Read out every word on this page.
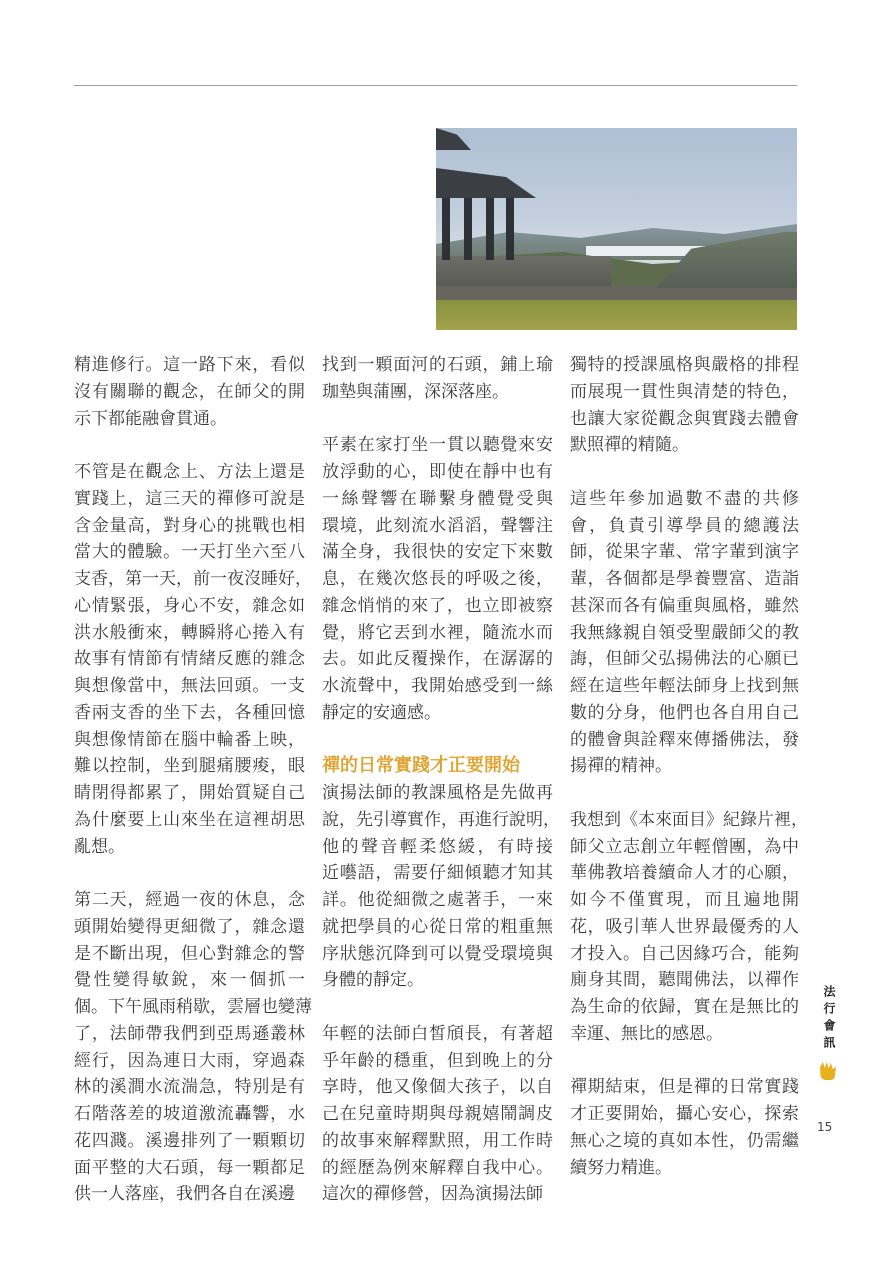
精進修行。這一路下來，看似
沒有關聯的觀念，在師父的開
示下都能融會貫通。
不管是在觀念上、方法上還是
實踐上，這三天的禪修可說是
含金量高，對身心的挑戰也相
當大的體驗。一天打坐六至八
支香，第一天，前一夜沒睡好，
心情緊張，身心不安，雜念如
洪水般衝來，轉瞬將心捲入有
故事有情節有情緒反應的雜念
與想像當中，無法回頭。一支
香兩支香的坐下去，各種回憶
與想像情節在腦中輪番上映，
難以控制，坐到腿痛腰痠，眼
睛閉得都累了，開始質疑自己
為什麼要上山來坐在這裡胡思
亂想。
第二天，經過一夜的休息，念
頭開始變得更細微了，雜念還
是不斷出現，但心對雜念的警
覺性變得敏銳，來一個抓一
個。下午風雨稍歇，雲層也變薄
了，法師帶我們到亞馬遜叢林
經行，因為連日大雨，穿過森
林的溪澗水流湍急，特別是有
石階落差的坡道激流轟響，水
花四濺。溪邊排列了一顆顆切
面平整的大石頭，每一顆都足
供一人落座，我們各自在溪邊
找到一顆面河的石頭，鋪上瑜
珈墊與蒲團，深深落座。
平素在家打坐一貫以聽覺來安
放浮動的心，即使在靜中也有
一絲聲響在聯繫身體覺受與
環境，此刻流水滔滔，聲響注
滿全身，我很快的安定下來數
息，在幾次悠長的呼吸之後，
雜念悄悄的來了，也立即被察
覺，將它丟到水裡，隨流水而
去。如此反覆操作，在潺潺的
水流聲中，我開始感受到一絲
靜定的安適感。
禪的日常實踐才正要開始
演揚法師的教課風格是先做再
說，先引導實作，再進行說明，
他的聲音輕柔悠緩，有時接
近囈語，需要仔細傾聽才知其
詳。他從細微之處著手，一來
就把學員的心從日常的粗重無
序狀態沉降到可以覺受環境與
身體的靜定。
年輕的法師白皙頎長，有著超
乎年齡的穩重，但到晚上的分
享時，他又像個大孩子，以自
己在兒童時期與母親嬉鬧調皮
的故事來解釋默照，用工作時
的經歷為例來解釋自我中心。
這次的禪修營，因為演揚法師
獨特的授課風格與嚴格的排程
而展現一貫性與清楚的特色，
也讓大家從觀念與實踐去體會
默照禪的精隨。
這些年參加過數不盡的共修
會，負責引導學員的總護法
師，從果字輩、常字輩到演字
輩，各個都是學養豐富、造詣
甚深而各有偏重與風格，雖然
我無緣親自領受聖嚴師父的教
誨，但師父弘揚佛法的心願已
經在這些年輕法師身上找到無
數的分身，他們也各自用自己
的體會與詮釋來傳播佛法，發
揚禪的精神。
我想到《本來面目》紀錄片裡，
師父立志創立年輕僧團，為中
華佛教培養續命人才的心願，
如今不僅實現，而且遍地開
花，吸引華人世界最優秀的人
才投入。自己因緣巧合，能夠
廁身其間，聽聞佛法，以禪作
為生命的依歸，實在是無比的
幸運、無比的感恩。
禪期結束，但是禪的日常實踐
才正要開始，攝心安心，探索
無心之境的真如本性，仍需繼
續努力精進。
法行會訊
15
